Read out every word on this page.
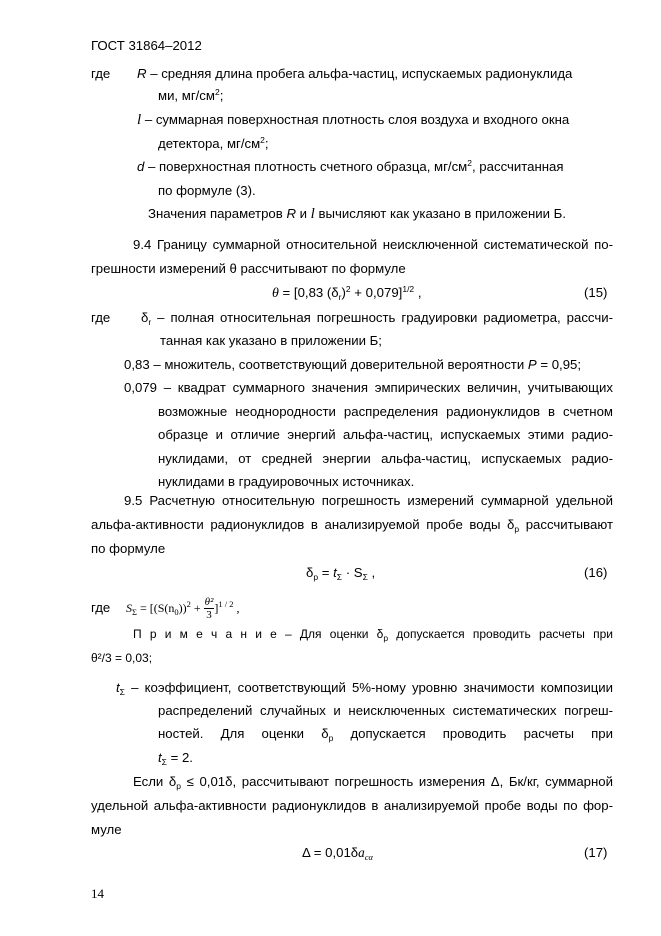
ГОСТ 31864–2012
где R – средняя длина пробега альфа-частиц, испускаемых радионуклида
ми, $мг/см^2$;
l – суммарная поверхностная плотность слоя воздуха и входного окна
детектора, $мг/см^2$;
d – поверхностная плотность счетного образца, $мг/см^2$, рассчитанная
по формуле (3).
Значения параметров R и l вычисляют как указано в приложении Б.
9.4 Границу суммарной относительной неисключенной систематической по-
грешности измерений θ рассчитывают по формуле
θ = [0,83 $(\delta_r)^2 + 0,079]^{1/2}$ ,	(15)
где $\delta_r$ – полная относительная погрешность градуировки радиометра, рассчи-
танная как указано в приложении Б;
0,83 – множитель, соответствующий доверительной вероятности P = 0,95;
0,079 – квадрат суммарного значения эмпирических величин, учитывающих
возможные неоднородности распределения радионуклидов в счетном
образце и отличие энергий альфа-частиц, испускаемых этими радио-
нуклидами, от средней энергии альфа-частиц, испускаемых радио-
нуклидами в градуировочных источниках.
9.5 Расчетную относительную погрешность измерений суммарной удельной
альфа-активности радионуклидов в анализируемой пробе воды $\delta_p$ рассчитывают
по формуле
$\delta_p = t_\Sigma \cdot S_\Sigma$ ,	(16)
где $S_\Sigma = [(S(n_0))^2 + \frac{\text{θ²}}{3} ]^{1 / 2}$ ,
П р и м е ч а н и е – Для оценки $\delta_р$ допускается проводить расчеты при
θ²/3 = 0,03;
$t_\Sigma$ – коэффициент, соответствующий 5%-ному уровню значимости композиции
распределений случайных и неисключенных систематических погреш-
ностей. Для оценки $\delta_р$ допускается проводить расчеты при
$t_\Sigma = 2$.
Если $\delta_р \le 0,01\delta$, рассчитывают погрешность измерения Δ, Бк/кг, суммарной
удельной альфа-активности радионуклидов в анализируемой пробе воды по фор-
муле
$\Delta = 0,01\delta a_{c\alpha}$	(17)
14
